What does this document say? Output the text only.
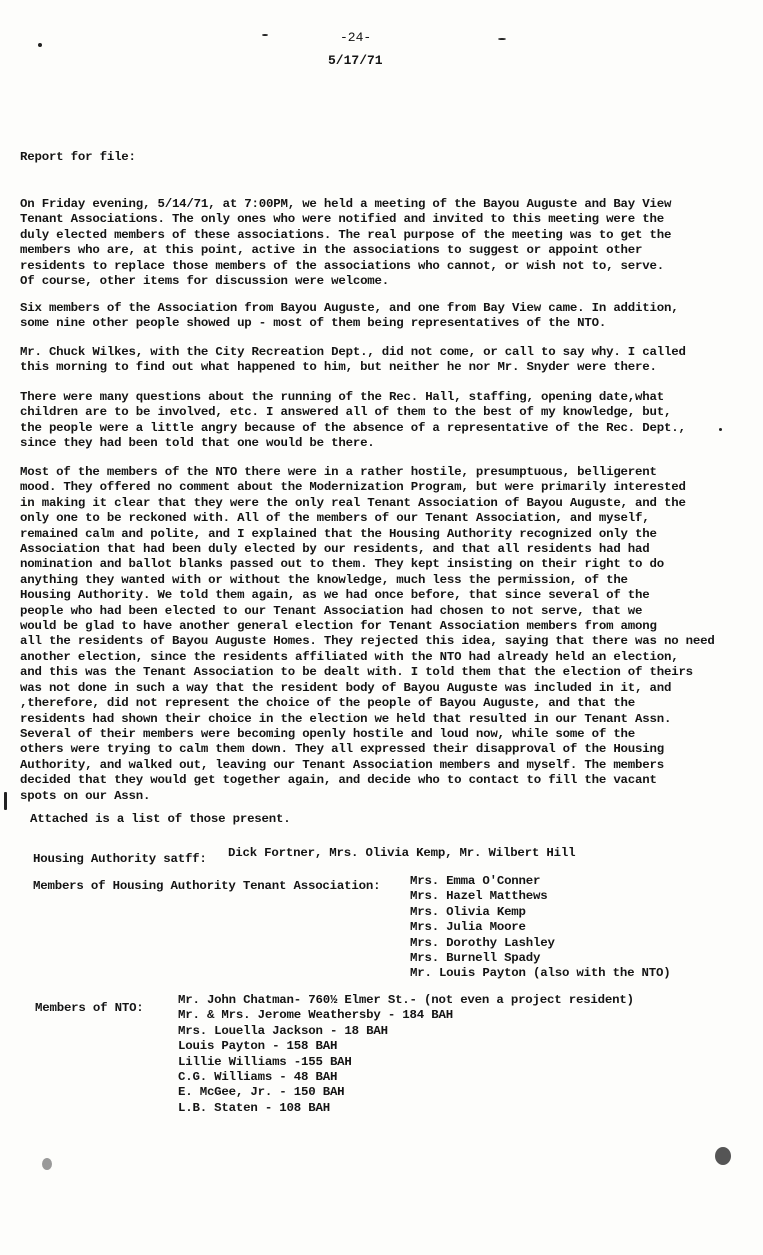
-24-
5/17/71
Report for file:
On Friday evening, 5/14/71, at 7:00PM, we held a meeting of the Bayou Auguste and Bay View
Tenant Associations. The only ones who were notified and invited to this meeting were the
duly elected members of these associations. The real purpose of the meeting was to get the
members who are, at this point, active in the associations to suggest or appoint other
residents to replace those members of the associations who cannot, or wish not to, serve.
Of course, other items for discussion were welcome.
Six members of the Association from Bayou Auguste, and one from Bay View came. In addition,
some nine other people showed up - most of them being representatives of the NTO.
Mr. Chuck Wilkes, with the City Recreation Dept., did not come, or call to say why. I called
this morning to find out what happened to him, but neither he nor Mr. Snyder were there.
There were many questions about the running of the Rec. Hall, staffing, opening date,what
children are to be involved, etc. I answered all of them to the best of my knowledge, but,
the people were a little angry because of the absence of a representative of the Rec. Dept.,
since they had been told that one would be there.
Most of the members of the NTO there were in a rather hostile, presumptuous, belligerent
mood. They offered no comment about the Modernization Program, but were primarily interested
in making it clear that they were the only real Tenant Association of Bayou Auguste, and the
only one to be reckoned with. All of the members of our Tenant Association, and myself,
remained calm and polite, and I explained that the Housing Authority recognized only the
Association that had been duly elected by our residents, and that all residents had had
nomination and ballot blanks passed out to them. They kept insisting on their right to do
anything they wanted with or without the knowledge, much less the permission, of the
Housing Authority. We told them again, as we had once before, that since several of the
people who had been elected to our Tenant Association had chosen to not serve, that we
would be glad to have another general election for Tenant Association members from among
all the residents of Bayou Auguste Homes. They rejected this idea, saying that there was no need
another election, since the residents affiliated with the NTO had already held an election,
and this was the Tenant Association to be dealt with. I told them that the election of theirs
was not done in such a way that the resident body of Bayou Auguste was included in it, and
,therefore, did not represent the choice of the people of Bayou Auguste, and that the
residents had shown their choice in the election we held that resulted in our Tenant Assn.
Several of their members were becoming openly hostile and loud now, while some of the
others were trying to calm them down. They all expressed their disapproval of the Housing
Authority, and walked out, leaving our Tenant Association members and myself. The members
decided that they would get together again, and decide who to contact to fill the vacant
spots on our Assn.
Attached is a list of those present.
Housing Authority satff: Dick Fortner, Mrs. Olivia Kemp, Mr. Wilbert Hill
Members of Housing Authority Tenant Association: Mrs. Emma O'Conner
Mrs. Hazel Matthews
Mrs. Olivia Kemp
Mrs. Julia Moore
Mrs. Dorothy Lashley
Mrs. Burnell Spady
Mr. Louis Payton (also with the NTO)
Members of NTO:
Mr. John Chatman- 760½ Elmer St.- (not even a project resident)
Mr. & Mrs. Jerome Weathersby - 184 BAH
Mrs. Louella Jackson - 18 BAH
Louis Payton - 158 BAH
Lillie Williams -155 BAH
C.G. Williams - 48 BAH
E. McGee, Jr. - 150 BAH
L.B. Staten - 108 BAH
